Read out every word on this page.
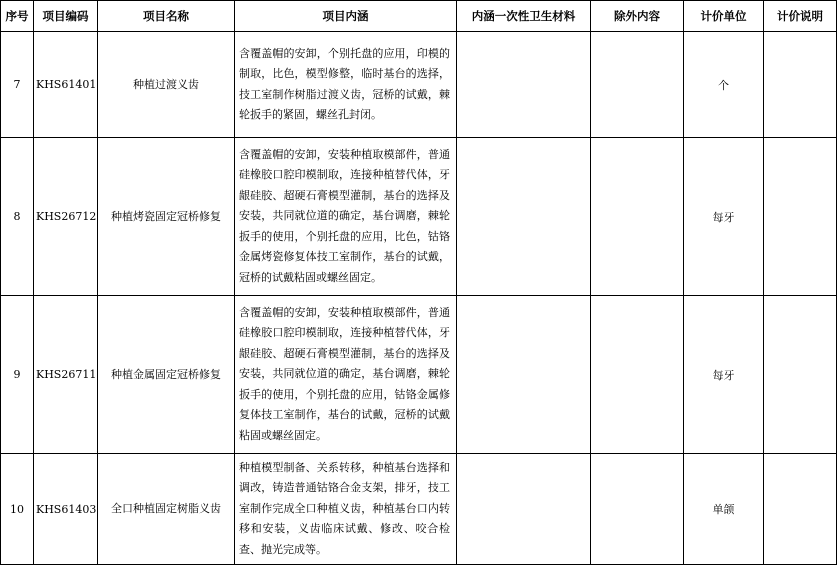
序号	项目编码	项目名称	项目内涵	内涵一次性卫生材料	除外内容	计价单位	计价说明
7	KHS61401	种植过渡义齿	含覆盖帽的安卸，个别托盘的应用，印模的制取，比色，模型修整，临时基台的选择，技工室制作树脂过渡义齿，冠桥的试戴，棘轮扳手的紧固，螺丝孔封闭。			个	
8	KHS26712	种植烤瓷固定冠桥修复	含覆盖帽的安卸，安装种植取模部件，普通硅橡胶口腔印模制取，连接种植替代体，牙龈硅胶、超硬石膏模型灌制，基台的选择及安装，共同就位道的确定，基台调磨，棘轮扳手的使用，个别托盘的应用，比色，钴铬金属烤瓷修复体技工室制作，基台的试戴，冠桥的试戴粘固或螺丝固定。			每牙	
9	KHS26711	种植金属固定冠桥修复	含覆盖帽的安卸，安装种植取模部件，普通硅橡胶口腔印模制取，连接种植替代体，牙龈硅胶、超硬石膏模型灌制，基台的选择及安装，共同就位道的确定，基台调磨，棘轮扳手的使用，个别托盘的应用，钴铬金属修复体技工室制作，基台的试戴，冠桥的试戴粘固或螺丝固定。			每牙	
10	KHS61403	全口种植固定树脂义齿	种植模型制备、关系转移，种植基台选择和调改，铸造普通钴铬合金支架，排牙，技工室制作完成全口种植义齿，种植基台口内转移和安装，义齿临床试戴、修改、咬合检查、抛光完成等。			单颌	
